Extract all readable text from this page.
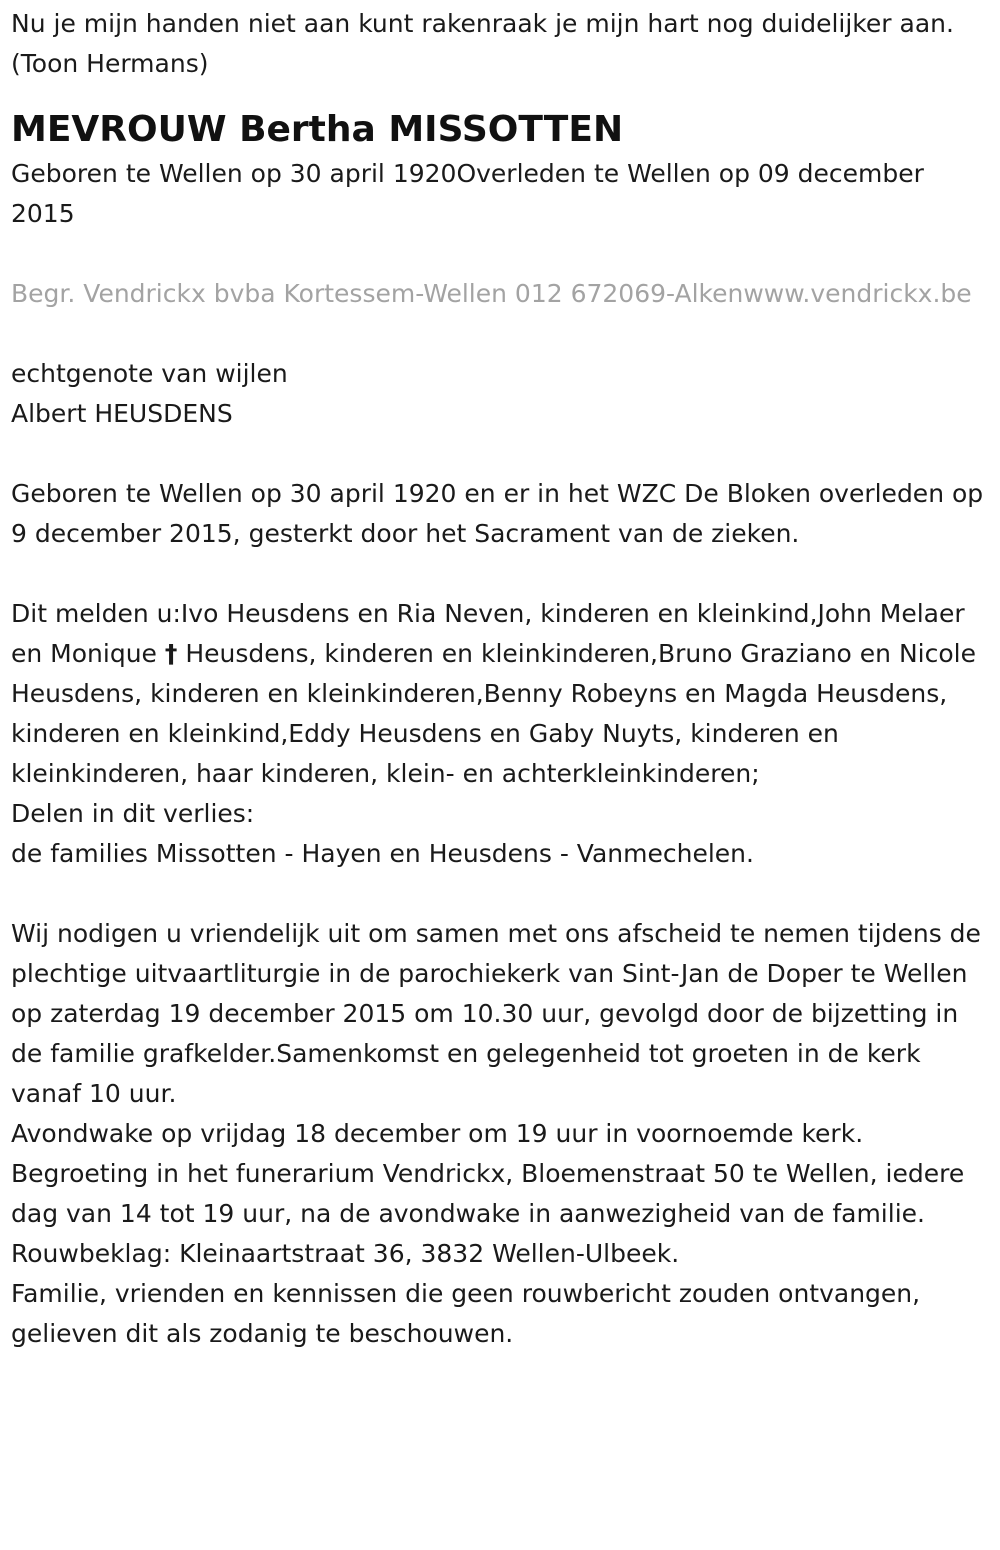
Nu je mijn handen niet aan kunt rakenraak je mijn hart nog duidelijker aan.(Toon Hermans)

MEVROUW Bertha MISSOTTEN

Geboren te Wellen op 30 april 1920Overleden te Wellen op 09 december 2015

Begr. Vendrickx bvba Kortessem-Wellen 012 672069-Alkenwww.vendrickx.be

echtgenote van wijlen

Albert HEUSDENS

Geboren te Wellen op 30 april 1920 en er in het WZC De Bloken overleden op 9 december 2015, gesterkt door het Sacrament van de zieken.

Dit melden u:Ivo Heusdens en Ria Neven, kinderen en kleinkind,John Melaer en Monique † Heusdens, kinderen en kleinkinderen,Bruno Graziano en Nicole Heusdens, kinderen en kleinkinderen,Benny Robeyns en Magda Heusdens, kinderen en kleinkind,Eddy Heusdens en Gaby Nuyts, kinderen en kleinkinderen, haar kinderen, klein- en achterkleinkinderen;

Delen in dit verlies:

de families Missotten - Hayen en Heusdens - Vanmechelen.

Wij nodigen u vriendelijk uit om samen met ons afscheid te nemen tijdens de plechtige uitvaartliturgie in de parochiekerk van Sint-Jan de Doper te Wellen op zaterdag 19 december 2015 om 10.30 uur, gevolgd door de bijzetting in de familie grafkelder.Samenkomst en gelegenheid tot groeten in de kerk vanaf 10 uur.

Avondwake op vrijdag 18 december om 19 uur in voornoemde kerk.

Begroeting in het funerarium Vendrickx, Bloemenstraat 50 te Wellen, iedere dag van 14 tot 19 uur, na de avondwake in aanwezigheid van de familie.

Rouwbeklag: Kleinaartstraat 36, 3832 Wellen-Ulbeek.

Familie, vrienden en kennissen die geen rouwbericht zouden ontvangen, gelieven dit als zodanig te beschouwen.
